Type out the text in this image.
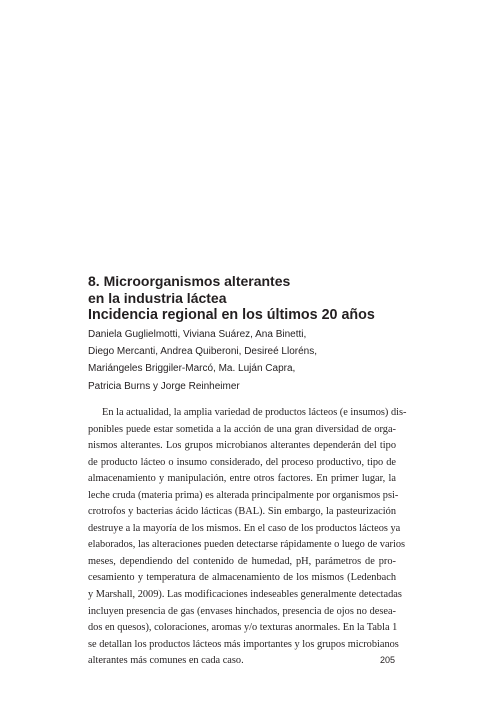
8. Microorganismos alterantes
en la industria láctea
Incidencia regional en los últimos 20 años

Daniela Guglielmotti, Viviana Suárez, Ana Binetti,
Diego Mercanti, Andrea Quiberoni, Desireé Lloréns,
Mariángeles Briggiler-Marcó, Ma. Luján Capra,
Patricia Burns y Jorge Reinheimer

En la actualidad, la amplia variedad de productos lácteos (e insumos) dis-
ponibles puede estar sometida a la acción de una gran diversidad de orga-
nismos alterantes. Los grupos microbianos alterantes dependerán del tipo
de producto lácteo o insumo considerado, del proceso productivo, tipo de
almacenamiento y manipulación, entre otros factores. En primer lugar, la
leche cruda (materia prima) es alterada principalmente por organismos psi-
crotrofos y bacterias ácido lácticas (BAL). Sin embargo, la pasteurización
destruye a la mayoría de los mismos. En el caso de los productos lácteos ya
elaborados, las alteraciones pueden detectarse rápidamente o luego de varios
meses, dependiendo del contenido de humedad, pH, parámetros de pro-
cesamiento y temperatura de almacenamiento de los mismos (Ledenbach
y Marshall, 2009). Las modificaciones indeseables generalmente detectadas
incluyen presencia de gas (envases hinchados, presencia de ojos no desea-
dos en quesos), coloraciones, aromas y/o texturas anormales. En la Tabla 1
se detallan los productos lácteos más importantes y los grupos microbianos
alterantes más comunes en cada caso.	205
